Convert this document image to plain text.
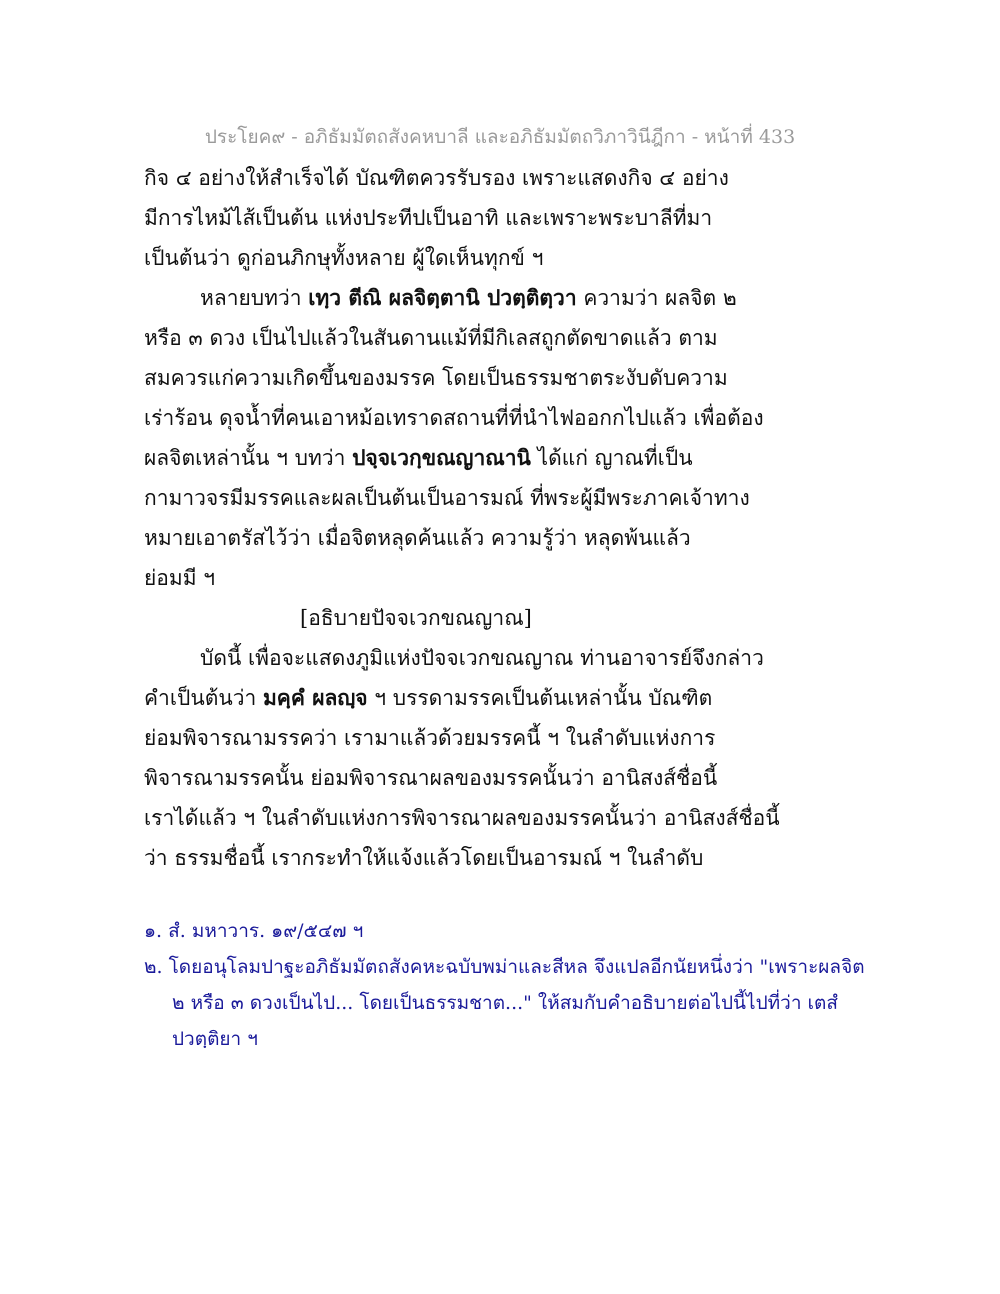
ประโยค๙ - อภิธัมมัตถสังคหบาลี และอภิธัมมัตถวิภาวินีฎีกา - หน้าที่ 433
กิจ ๔ อย่างให้สำเร็จได้ บัณฑิตควรรับรอง เพราะแสดงกิจ ๔ อย่าง
มีการไหม้ไส้เป็นต้น แห่งประทีปเป็นอาทิ และเพราะพระบาลีที่มา
เป็นต้นว่า ดูก่อนภิกษุทั้งหลาย ผู้ใดเห็นทุกข์ ฯ
หลายบทว่า เทฺว ตีณิ ผลจิตฺตานิ ปวตฺติตฺวา ความว่า ผลจิต ๒
หรือ ๓ ดวง เป็นไปแล้วในสันดานแม้ที่มีกิเลสถูกตัดขาดแล้ว ตาม
สมควรแก่ความเกิดขึ้นของมรรค โดยเป็นธรรมชาตระงับดับความ
เร่าร้อน ดุจน้ำที่คนเอาหม้อเทราดสถานที่ที่นำไฟออกกไปแล้ว เพื่อต้อง
ผลจิตเหล่านั้น ฯ บทว่า ปจฺจเวกฺขณญาณานิ ได้แก่ ญาณที่เป็น
กามาวจรมีมรรคและผลเป็นต้นเป็นอารมณ์ ที่พระผู้มีพระภาคเจ้าทาง
หมายเอาตรัสไว้ว่า เมื่อจิตหลุดค้นแล้ว ความรู้ว่า หลุดพ้นแล้ว
ย่อมมี ฯ
[อธิบายปัจจเวกขณญาณ]
บัดนี้ เพื่อจะแสดงภูมิแห่งปัจจเวกขณญาณ ท่านอาจารย์จึงกล่าว
คำเป็นต้นว่า มคฺคํ ผลญฺจ ฯ บรรดามรรคเป็นต้นเหล่านั้น บัณฑิต
ย่อมพิจารณามรรคว่า เรามาแล้วด้วยมรรคนี้ ฯ ในลำดับแห่งการ
พิจารณามรรคนั้น ย่อมพิจารณาผลของมรรคนั้นว่า อานิสงส์ชื่อนี้
เราได้แล้ว ฯ ในลำดับแห่งการพิจารณาผลของมรรคนั้นว่า อานิสงส์ชื่อนี้
ว่า ธรรมชื่อนี้ เรากระทำให้แจ้งแล้วโดยเป็นอารมณ์ ฯ ในลำดับ
๑. สํ. มหาวาร. ๑๙/๕๔๗ ฯ
๒. โดยอนุโลมปาฐะอภิธัมมัตถสังคหะฉบับพม่าและสีหล จึงแปลอีกนัยหนึ่งว่า "เพราะผลจิต
๒ หรือ ๓ ดวงเป็นไป... โดยเป็นธรรมชาต..." ให้สมกับคำอธิบายต่อไปนี้ไปที่ว่า เตสํ
ปวตฺติยา ฯ
